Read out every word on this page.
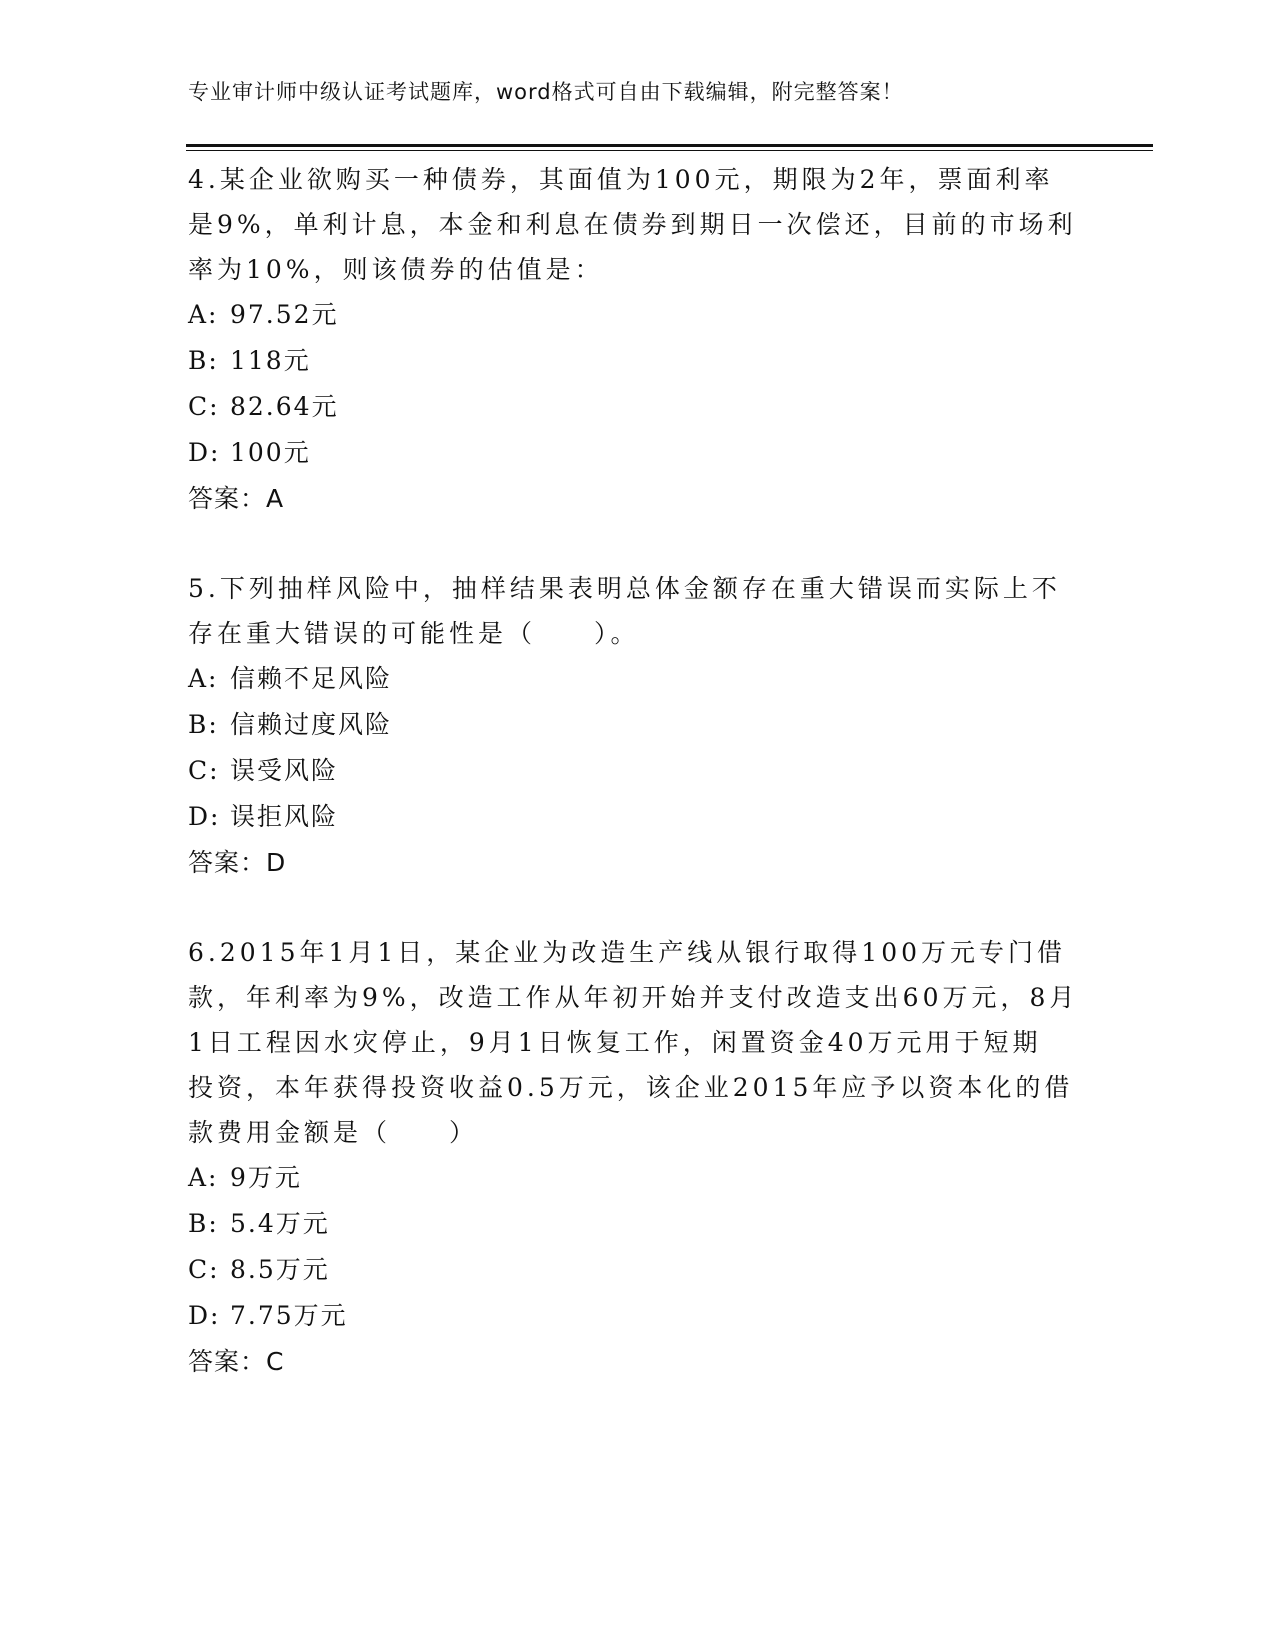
专业审计师中级认证考试题库，word格式可自由下载编辑，附完整答案！
4.某企业欲购买一种债券，其面值为100元，期限为2年，票面利率
是9%，单利计息，本金和利息在债券到期日一次偿还，目前的市场利
率为10%，则该债券的估值是：
A: 97.52元
B: 118元
C: 82.64元
D: 100元
答案：A
5.下列抽样风险中，抽样结果表明总体金额存在重大错误而实际上不
存在重大错误的可能性是（　　）。
A: 信赖不足风险
B: 信赖过度风险
C: 误受风险
D: 误拒风险
答案：D
6.2015年1月1日，某企业为改造生产线从银行取得100万元专门借
款，年利率为9%，改造工作从年初开始并支付改造支出60万元，8月
1日工程因水灾停止，9月1日恢复工作，闲置资金40万元用于短期
投资，本年获得投资收益0.5万元，该企业2015年应予以资本化的借
款费用金额是（　　）
A: 9万元
B: 5.4万元
C: 8.5万元
D: 7.75万元
答案：C
